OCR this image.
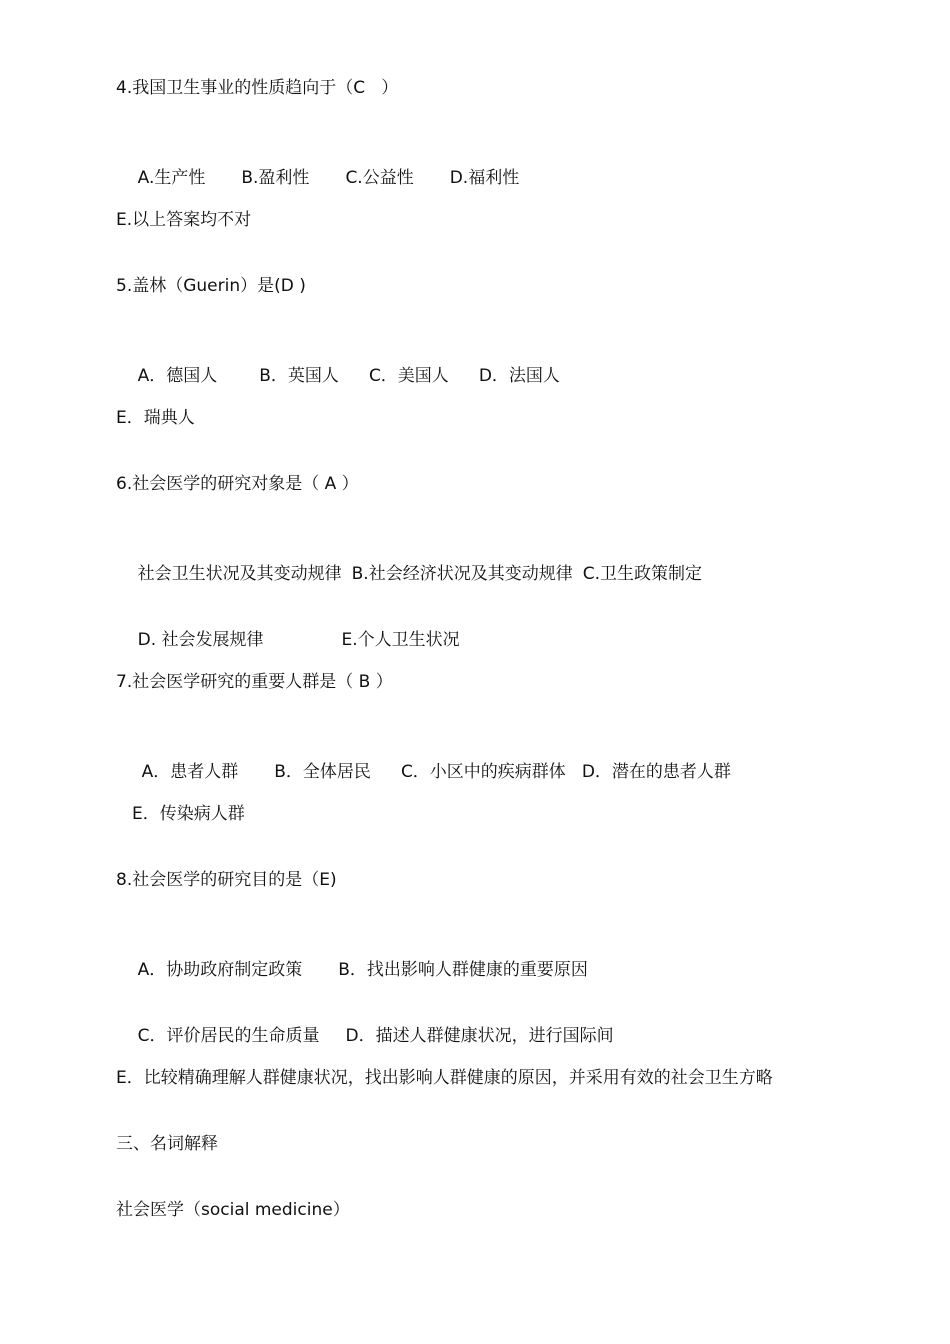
4.我国卫生事业的性质趋向于（C   ）

A.生产性 B.盈利性 C.公益性 D.福利性

E.以上答案均不对
5.盖林（Guerin）是(D )

A．德国人 B．英国人 C．美国人 D．法国人

E．瑞典人
6.社会医学的研究对象是（ A ）

社会卫生状况及其变动规律 B.社会经济状况及其变动规律 C.卫生政策制定

D. 社会发展规律	E.个人卫生状况

7.社会医学研究的重要人群是（ B ）

A．患者人群 B．全体居民 C．小区中的疾病群体 D．潜在的患者人群

E．传染病人群
8.社会医学的研究目的是（E)

A．协助政府制定政策 B．找出影响人群健康的重要原因

C．评价居民的生命质量 D．描述人群健康状况，进行国际间

E．比较精确理解人群健康状况，找出影响人群健康的原因，并采用有效的社会卫生方略
三、名词解释
社会医学（social medicine）
